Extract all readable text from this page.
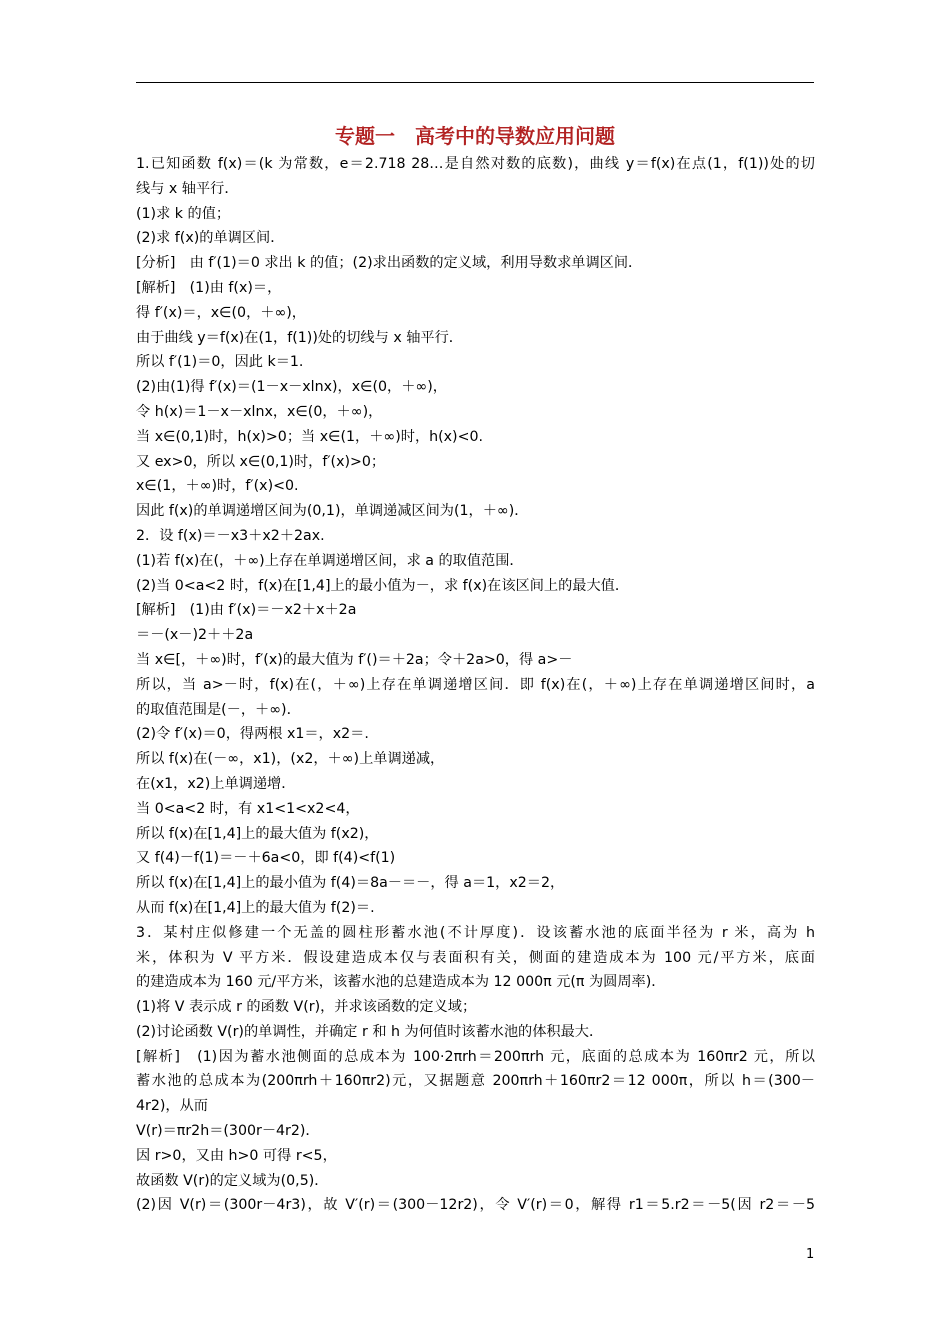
专题一　高考中的导数应用问题
1.已知函数 f(x)＝(k 为常数，e＝2.718 28…是自然对数的底数)，曲线 y＝f(x)在点(1，f(1))处的切
线与 x 轴平行．
(1)求 k 的值；
(2)求 f(x)的单调区间．
[分析]　由 f′(1)＝0 求出 k 的值；(2)求出函数的定义域，利用导数求单调区间．
[解析]　(1)由 f(x)＝，
得 f′(x)＝，x∈(0，＋∞)，
由于曲线 y＝f(x)在(1，f(1))处的切线与 x 轴平行．
所以 f′(1)＝0，因此 k＝1.
(2)由(1)得 f′(x)＝(1－x－xlnx)，x∈(0，＋∞)，
令 h(x)＝1－x－xlnx，x∈(0，＋∞)，
当 x∈(0,1)时，h(x)>0；当 x∈(1，＋∞)时，h(x)<0.
又 ex>0，所以 x∈(0,1)时，f′(x)>0；
x∈(1，＋∞)时，f′(x)<0.
因此 f(x)的单调递增区间为(0,1)，单调递减区间为(1，＋∞)．
2．设 f(x)＝－x3＋x2＋2ax.
(1)若 f(x)在(，＋∞)上存在单调递增区间，求 a 的取值范围．
(2)当 0<a<2 时，f(x)在[1,4]上的最小值为－，求 f(x)在该区间上的最大值．
[解析]　(1)由 f′(x)＝－x2＋x＋2a
＝－(x－)2＋＋2a
当 x∈[，＋∞)时，f′(x)的最大值为 f′()＝＋2a；令＋2a>0，得 a>－
所以，当 a>－时，f(x)在(，＋∞)上存在单调递增区间．即 f(x)在(，＋∞)上存在单调递增区间时，a
的取值范围是(－，＋∞)．
(2)令 f′(x)＝0，得两根 x1＝，x2＝.
所以 f(x)在(－∞，x1)，(x2，＋∞)上单调递减，
在(x1，x2)上单调递增．
当 0<a<2 时，有 x1<1<x2<4，
所以 f(x)在[1,4]上的最大值为 f(x2)，
又 f(4)－f(1)＝－＋6a<0，即 f(4)<f(1)
所以 f(x)在[1,4]上的最小值为 f(4)＝8a－＝－，得 a＝1，x2＝2，
从而 f(x)在[1,4]上的最大值为 f(2)＝.
3．某村庄似修建一个无盖的圆柱形蓄水池(不计厚度)．设该蓄水池的底面半径为 r 米，高为 h
米，体积为 V 平方米．假设建造成本仅与表面积有关，侧面的建造成本为 100 元/平方米，底面
的建造成本为 160 元/平方米，该蓄水池的总建造成本为 12 000π 元(π 为圆周率)．
(1)将 V 表示成 r 的函数 V(r)，并求该函数的定义域；
(2)讨论函数 V(r)的单调性，并确定 r 和 h 为何值时该蓄水池的体积最大．
[解析]　(1)因为蓄水池侧面的总成本为 100·2πrh＝200πrh 元，底面的总成本为 160πr2 元，所以
蓄水池的总成本为(200πrh＋160πr2)元，又据题意 200πrh＋160πr2＝12 000π，所以 h＝(300－
4r2)，从而
V(r)＝πr2h＝(300r－4r2)．
因 r>0，又由 h>0 可得 r<5，
故函数 V(r)的定义域为(0,5)．
(2)因 V(r)＝(300r－4r3)，故 V′(r)＝(300－12r2)，令 V′(r)＝0，解得 r1＝5.r2＝－5(因 r2＝－5
1
